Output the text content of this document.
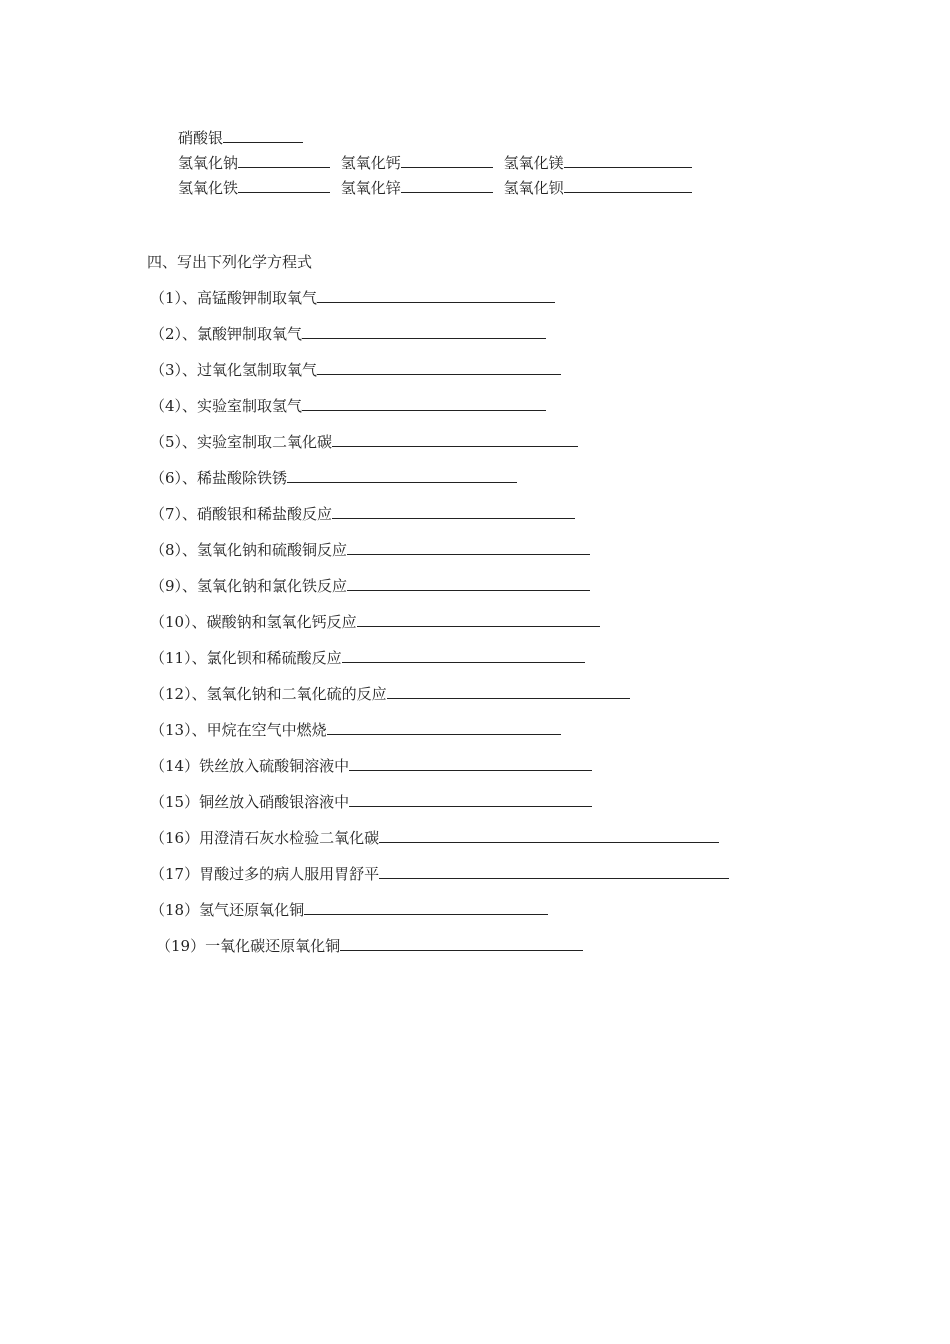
硝酸银
氢氧化钠	氢氧化钙	氢氧化镁
氢氧化铁	氢氧化锌	氢氧化钡
四、写出下列化学方程式
（1）、高锰酸钾制取氧气
（2）、氯酸钾制取氧气
（3）、过氧化氢制取氧气
（4）、实验室制取氢气
（5）、实验室制取二氧化碳
（6）、稀盐酸除铁锈
（7）、硝酸银和稀盐酸反应
（8）、氢氧化钠和硫酸铜反应
（9）、氢氧化钠和氯化铁反应
（10）、碳酸钠和氢氧化钙反应
（11）、氯化钡和稀硫酸反应
（12）、氢氧化钠和二氧化硫的反应
（13）、甲烷在空气中燃烧
（14）铁丝放入硫酸铜溶液中
（15）铜丝放入硝酸银溶液中
（16）用澄清石灰水检验二氧化碳
（17）胃酸过多的病人服用胃舒平
（18）氢气还原氧化铜
（19）一氧化碳还原氧化铜
